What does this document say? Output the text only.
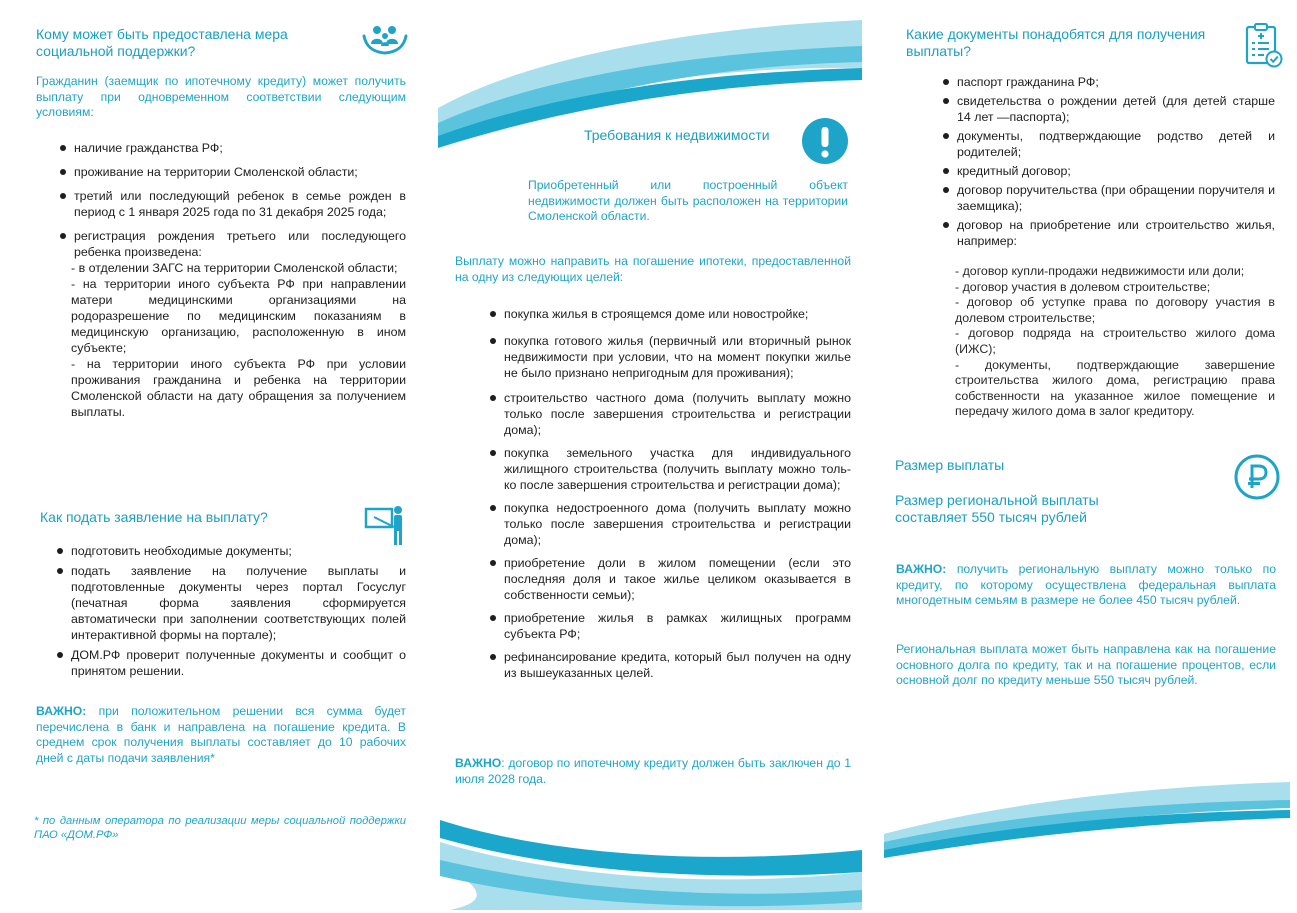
Кому может быть предоставлена мера социальной поддержки?
Гражданин (заемщик по ипотечному кредиту) может получить выплату при одновременном соответствии следующим условиям:
наличие гражданства РФ;
проживание на территории Смоленской области;
третий или последующий ребенок в семье рожден в период с 1 января 2025 года по 31 декабря 2025 года;
регистрация рождения третьего или последующего ребенка произведена:
- в отделении ЗАГС на территории Смоленской области;
- на территории иного субъекта РФ при направлении матери медицинскими организациями на родоразрешение по медицинским показаниям в медицинскую организацию, расположенную в ином субъекте;
- на территории иного субъекта РФ при условии проживания гражданина и ребенка на территории Смоленской области на дату обращения за получением выплаты.
Как подать заявление на выплату?
подготовить необходимые документы;
подать заявление на получение выплаты и подготовленные документы через портал Госуслуг (печатная форма заявления сформируется автоматически при заполнении соответствующих полей интерактивной формы на портале);
ДОМ.РФ проверит полученные документы и сообщит о принятом решении.
ВАЖНО: при положительном решении вся сумма будет перечислена в банк и направлена на погашение кредита. В среднем срок получения выплаты составляет до 10 рабочих дней с даты подачи заявления*
* по данным оператора по реализации меры социальной поддержки ПАО «ДОМ.РФ»
Требования к недвижимости
Приобретенный или построенный объект недвижимости должен быть расположен на территории Смоленской области.
Выплату можно направить на погашение ипотеки, предоставленной на одну из следующих целей:
покупка жилья в строящемся доме или новостройке;
покупка готового жилья (первичный или вторичный рынок недвижимости при условии, что на момент покупки жилье не было признано непригодным для проживания);
строительство частного дома (получить выплату можно только после завершения строительства и регистрации дома);
покупка земельного участка для индивидуального жилищного строительства (получить выплату можно толь-ко после завершения строительства и регистрации дома);
покупка недостроенного дома (получить выплату можно только после завершения строительства и регистрации дома);
приобретение доли в жилом помещении (если это последняя доля и такое жилье целиком оказывается в собственности семьи);
приобретение жилья в рамках жилищных программ субъекта РФ;
рефинансирование кредита, который был получен на одну из вышеуказанных целей.
ВАЖНО: договор по ипотечному кредиту должен быть заключен до 1 июля 2028 года.
Какие документы понадобятся для получения выплаты?
паспорт гражданина РФ;
свидетельства о рождении детей (для детей старше 14 лет —паспорта);
документы, подтверждающие родство детей и родителей;
кредитный договор;
договор поручительства (при обращении поручителя и заемщика);
договор на приобретение или строительство жилья, например:
- договор купли-продажи недвижимости или доли;
- договор участия в долевом строительстве;
- договор об уступке права по договору участия в долевом строительстве;
- договор подряда на строительство жилого дома (ИЖС);
- документы, подтверждающие завершение строительства жилого дома, регистрацию права собственности на указанное жилое помещение и передачу жилого дома в залог кредитору.
Размер выплаты
Размер региональной выплаты составляет 550 тысяч рублей
ВАЖНО: получить региональную выплату можно только по кредиту, по которому осуществлена федеральная выплата многодетным семьям в размере не более 450 тысяч рублей.
Региональная выплата может быть направлена как на погашение основного долга по кредиту, так и на погашение процентов, если основной долг по кредиту меньше 550 тысяч рублей.
